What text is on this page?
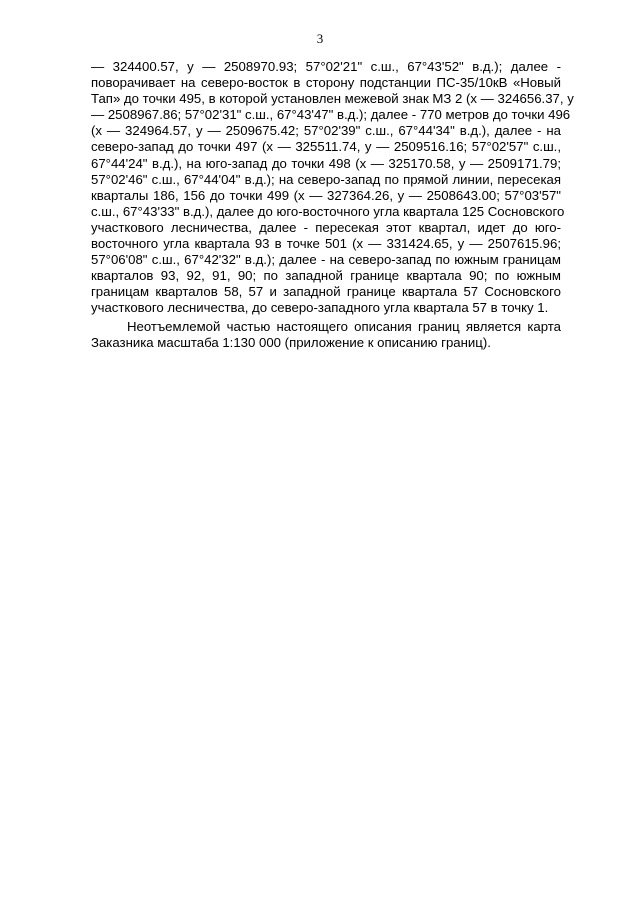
3
— 324400.57, у — 2508970.93; 57°02'21" с.ш., 67°43'52" в.д.); далее -
поворачивает на северо-восток в сторону подстанции ПС-35/10кВ «Новый
Тап» до точки 495, в которой установлен межевой знак МЗ 2 (х — 324656.37, у
— 2508967.86; 57°02'31" с.ш., 67°43'47" в.д.); далее - 770 метров до точки 496
(х — 324964.57, у — 2509675.42; 57°02'39" с.ш., 67°44'34" в.д.), далее - на
северо-запад до точки 497 (х — 325511.74, у — 2509516.16; 57°02'57" с.ш.,
67°44'24" в.д.), на юго-запад до точки 498 (х — 325170.58, у — 2509171.79;
57°02'46" с.ш., 67°44'04" в.д.); на северо-запад по прямой линии, пересекая
кварталы 186, 156 до точки 499 (х — 327364.26, у — 2508643.00; 57°03'57"
с.ш., 67°43'33" в.д.), далее до юго-восточного угла квартала 125 Сосновского
участкового лесничества, далее - пересекая этот квартал, идет до юго-
восточного угла квартала 93 в точке 501 (х — 331424.65, у — 2507615.96;
57°06'08" с.ш., 67°42'32" в.д.); далее - на северо-запад по южным границам
кварталов 93, 92, 91, 90; по западной границе квартала 90; по южным
границам кварталов 58, 57 и западной границе квартала 57 Сосновского
участкового лесничества, до северо-западного угла квартала 57 в точку 1.
Неотъемлемой частью настоящего описания границ является карта
Заказника масштаба 1:130 000 (приложение к описанию границ).
